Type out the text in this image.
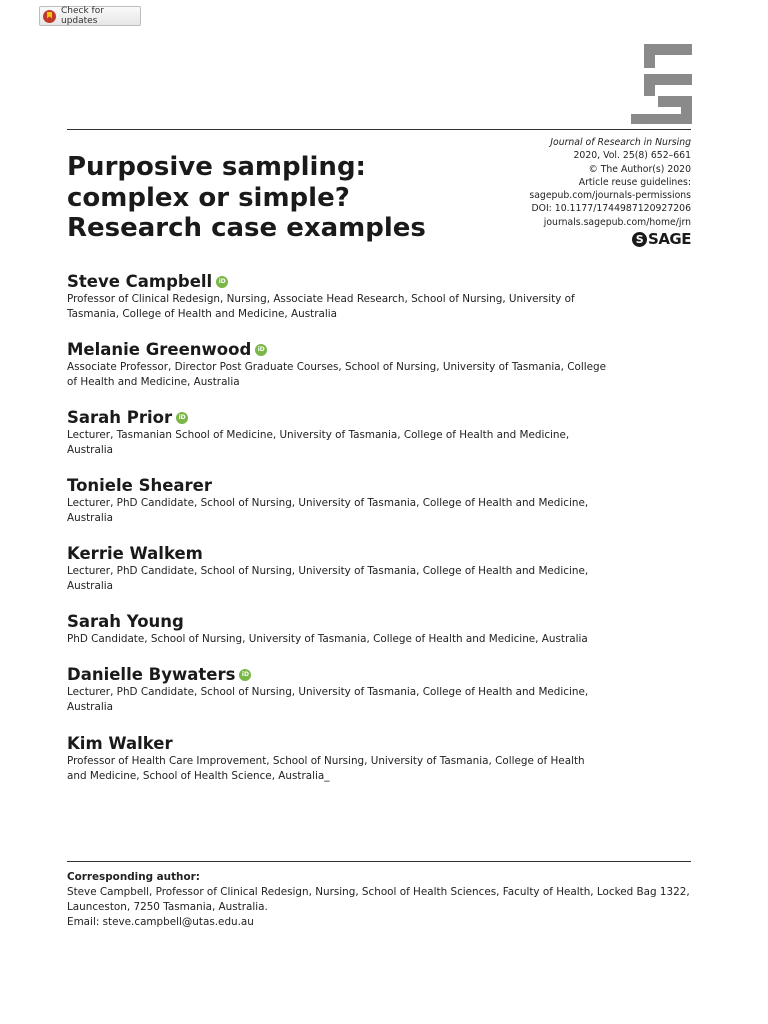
Check for updates
Purposive sampling: complex or simple? Research case examples
Journal of Research in Nursing
2020, Vol. 25(8) 652–661
© The Author(s) 2020
Article reuse guidelines:
sagepub.com/journals-permissions
DOI: 10.1177/1744987120927206
journals.sagepub.com/home/jrn
S SAGE
Steve Campbell	iD
Professor of Clinical Redesign, Nursing, Associate Head Research, School of Nursing, University of Tasmania, College of Health and Medicine, Australia
Melanie Greenwood	iD
Associate Professor, Director Post Graduate Courses, School of Nursing, University of Tasmania, College of Health and Medicine, Australia
Sarah Prior	iD
Lecturer, Tasmanian School of Medicine, University of Tasmania, College of Health and Medicine, Australia
Toniele Shearer
Lecturer, PhD Candidate, School of Nursing, University of Tasmania, College of Health and Medicine, Australia
Kerrie Walkem
Lecturer, PhD Candidate, School of Nursing, University of Tasmania, College of Health and Medicine, Australia
Sarah Young
PhD Candidate, School of Nursing, University of Tasmania, College of Health and Medicine, Australia
Danielle Bywaters	iD
Lecturer, PhD Candidate, School of Nursing, University of Tasmania, College of Health and Medicine, Australia
Kim Walker
Professor of Health Care Improvement, School of Nursing, University of Tasmania, College of Health and Medicine, School of Health Science, Australia_
Corresponding author:
Steve Campbell, Professor of Clinical Redesign, Nursing, School of Health Sciences, Faculty of Health, Locked Bag 1322,
Launceston, 7250 Tasmania, Australia.
Email: steve.campbell@utas.edu.au
